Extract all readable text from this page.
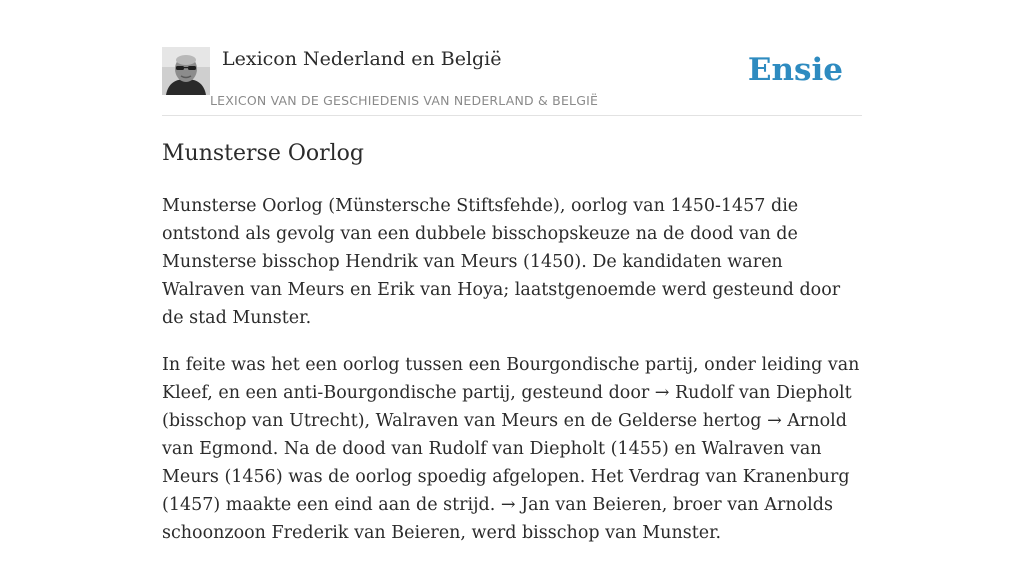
Lexicon Nederland en België
LEXICON VAN DE GESCHIEDENIS VAN NEDERLAND & BELGIË
Ensie
Munsterse Oorlog

Munsterse Oorlog (Münstersche Stiftsfehde), oorlog van 1450-1457 die ontstond als gevolg van een dubbele bisschopskeuze na de dood van de Munsterse bisschop Hendrik van Meurs (1450). De kandidaten waren Walraven van Meurs en Erik van Hoya; laatstgenoemde werd gesteund door de stad Munster.

In feite was het een oorlog tussen een Bourgondische partij, onder leiding van Kleef, en een anti-Bourgondische partij, gesteund door → Rudolf van Diepholt (bisschop van Utrecht), Walraven van Meurs en de Gelderse hertog → Arnold van Egmond. Na de dood van Rudolf van Diepholt (1455) en Walraven van Meurs (1456) was de oorlog spoedig afgelopen. Het Verdrag van Kranenburg (1457) maakte een eind aan de strijd. → Jan van Beieren, broer van Arnolds schoonzoon Frederik van Beieren, werd bisschop van Munster.
